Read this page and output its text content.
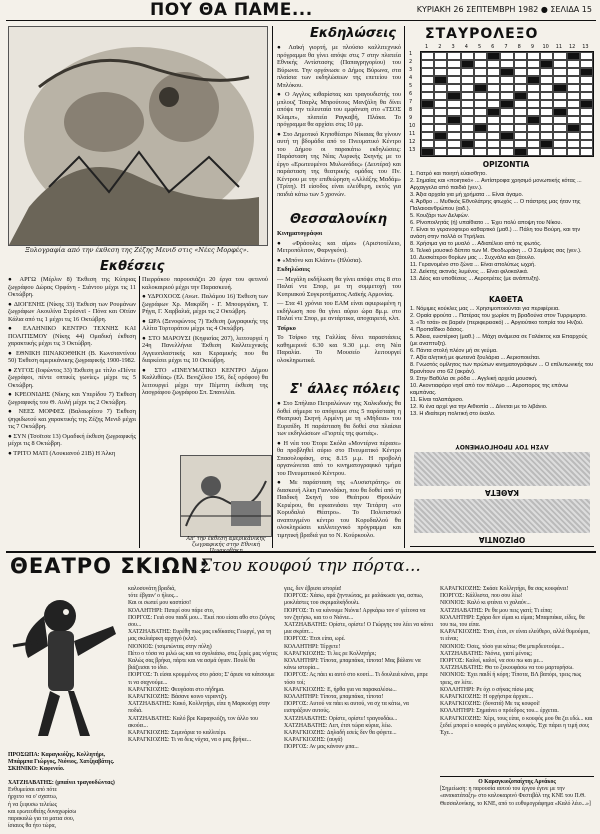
ΠΟΥ ΘΑ ΠΑΜΕ...	ΚΥΡΙΑΚΗ 26 ΣΕΠΤΕΜΒΡΗ 1982 ● ΣΕΛΙΔΑ 15
Ξυλογραφία από την έκθεση της Ζέζης Μενιδ στις «Νέες Μορφές».
Εκθέσεις

● ΑΡΓΩ (Μέρλιν 8) Έκθεση της Κύπριας ζωγράφου Δώρας Ορφάνη - Σιάντου μέχρι τις 11 Οκτώβρη.

● ΔΙΟΓΕΝΗΣ (Νίκης 33) Έκθεση των Ρουμάνων ζωγράφων Ακουλίνα Στρέσνεϊ - Πόνα και Οϊτίαν Κάλια από τις 1 μέχρι τις 16 Οκτώβρη.

● ΕΛΛΗΝΙΚΟ ΚΕΝΤΡΟ ΤΕΧΝΗΣ ΚΑΙ ΠΟΛΙΤΙΣΜΟΥ (Νίκης 44) Ομαδική έκθεση χαρακτικής μέχρι τις 3 Οκτώβρη.

● ΕΘΝΙΚΗ ΠΙΝΑΚΟΘΗΚΗ (Β. Κωνσταντίνου 50) Έκθεση αμερικάνικης ζωγραφικής 1900-1982.

● ΖΥΓΟΣ (Ιοφώντος 33) Έκθεση με τίτλο «Πέντε ζωγράφοι, πέντε οπτικές γωνίες» μέχρι τις 5 Οκτώβρη.

● ΚΡΕΟΝΙΔΗΣ (Νίκης και Υπερίδου 7) Έκθεση ζωγραφικής του Θ. Αυλή μέχρι τις 2 Οκτώβρη.

● ΝΕΕΣ ΜΟΡΦΕΣ (Βαλαωρίτου 7) Έκθεση ψηφιδωτού και χαρακτικής της Ζέζης Μενιδ μέχρι τις 7 Οκτώβρη.

● ΣΥΝ (Τσοϊτσα 13) Ομαδική έκθεση ζωγραφικής μέχρι τις 8 Οκτώβρη.

● ΤΡΙΤΟ ΜΑΤΙ (Λουκιανού 21Β) Η Άλκη

Πιερράκου παρουσιάζει 20 έργα του φετινού καλοκαιριού μέχρι την Παρασκευή.

● ΥΔΡΟΧΟΟΣ (Ανωτ. Παλάμου 16) Έκθεση των ζωγράφων Χρ. Μακρίδη - Γ. Μπουργιάκη, Τ. Ρήγα, Γ. Χαρβαλιά, μέχρι τις 2 Οκτώβρη.

● ΩΡΑ (Ξενοφώντος 7) Έκθεση ζωγραφικής της Αλίτα Τορτοράτου μέχρι τις 4 Οκτώβρη.

● ΣΤΟ ΜΑΡΟΥΣΙ (Κηφισίας 207), λειτουργεί η 24η Πανελλήνια Έκθεση Καλλιτεχνικής Αγγειοπλαστικής και Κεραμικής που θα διαρκέσει μέχρι τις 10 Οκτώβρη.

● ΣΤΟ «ΠΝΕΥΜΑΤΙΚΟ ΚΕΝΤΡΟ Δήμου Καλλιθέας» (Ελ. Βενιζέλου 156, δεξ ορόφου) θα λειτουργεί μέχρι την Πέμπτη έκθεση της λαογράφου ζωγράφου Σπ. Σπανελέα.

Απ' την έκθεση αμερικάνικης ζωγραφικής στην Εθνική Πινακοθήκη
Εκδηλώσεις

● Λαϊκή γιορτή, με πλούσιο καλλιτεχνικό πρόγραμμα θα γίνει απόψε στις 7 στην πλατεία Εθνικής Αντίστασης (Παπαγρηγορίου) του Βύρωνα. Την οργάνωσε ο Δήμος Βύρωνα, στα πλαίσια των εκδηλώσεων της επετείου του Μπλόκου.

● Ο Αγγλος κιθαρίστας και τραγουδιστής του μπλουζ Τσαρλς Μπρούτους Μανζάλη θα δίνει απόψε την τελευταία του εμφάνιση στο «ΤΣΟΣ Κλαμπ», πλατεία Ραγκαβή, Πλάκα. Το πρόγραμμα θα αρχίσει στις 10 μμ.

● Στο Δημοτικό Κηποθέατρο Νίκαιας θα γίνουν αυτή τη βδομάδα από το Πνευματικό Κέντρο του Δήμου οι παρακάτω εκδηλώσεις: Παράσταση της Νέας Λυρικής Σκηνής με το έργο «Ερωτευμένοι Μυλωνάδες» (Δευτέρα) και παράσταση της θεατρικής ομάδας του Πν. Κέντρου με την επιθεώρηση «Αλλάξης Μαδάμ» (Τρίτη). Η είσοδος είναι ελεύθερη, εκτός για παιδιά κάτω των 5 χρονών.

Θεσσαλονίκη

Κινηματογράφοι

● «Φράουλες και αίμα» (Αριστοτέλειο, Μετροπόλιτον, Φαρνγκόνι).

● «Μπόνυ και Κλάιντ» (Ηλύσια).

Εκδηλώσεις

— Μεγάλη εκδήλωση θα γίνει απόψε στις 8 στο Παλαί ντε Σπορ, με τη συμμετοχή του Κυπριακού Συγκροτήματος Λαϊκής Αρμονίας.

— Στα 41 χρόνια του ΕΑΜ είναι αφιερωμένη η εκδήλωση που θα γίνει αύριο ώρα 8μ.μ. στο Παλαί ντε Σπορ, με αντάρτικα, αποχαιρετά, κλπ.

Τσίρκο

Το Τσίρκο της Γαλλίας δίνει παραστάσεις καθημερινά 6.30 και 9.30 μ.μ. στη Νέα Παραλία. Το Μουσείο λειτουργεί ολοκληρωτικά.

Σ' άλλες πόλεις

● Στο Σπήλαιο Πετραλώνων της Χαλκιδικής θα δοθεί σήμερα το απόγευμα στις 5 παράσταση η Θεατρική Σκηνή Αρμένη με τη «Μήδεια» του Ευριπίδη. Η παράσταση θα δοθεί στα πλαίσια των εκδηλώσεων «Γιορτές της φωτιάς».

● Η νέα του Έτορε Σκόλα «Μοντέρνα πέρασε» θα προβληθεί αύριο στο Πνευματικό Κέντρο Σπασολοφάκη, στις 8.15 μ.μ. Η προβολή οργανώνεται από το κινηματογραφικό τμήμα του Πνευματικού Κέντρου.

● Με παράσταση της «Λυσιστράτης» σε διασκευή Αλκη Γιαννιδάκη, που θα δοθεί από τη Παιδική Σκηνή του Θεάτρου Θρουλών Κεριέρου, θα εγκαινιάσει την Τετάρτη «το Κορυδαλιό Θέατρο». Το Πολιτιστικό αναπτυγμένο κέντρο του Κορυδαλλού θα ολοκληρώσει καλλιτεχνικό πρόγραμμα και τιμητική βραδιά για το Ν. Κούρκουλο.

ΣΤΑΥΡΟΛΕΞΟ
1	2	3	4	5	6	7	8	9	10	11	12	13
1
2
3
4
5
6
7
8
9
10
11
12
13
ΟΡΙΖΟΝΤΙΑ
1. Γιατρό και ποιητή εύαισθητο.
2. Σημαίας και «ποιητικό» ... Αντίστροφα χρησιμό μονωπικής κότας ... Αρχαγγελα από παιδιά (γεν.).
3. Άξια αρχαία για μή χρήματα ... Είναι άγαμο.
4. Άρθρο ... Μυθικός Εθνολάτρης φτωχός ... Ο πάστρης μας ήταν της Παλαιοανθρώπου (αιδ.).
5. Κουζάρι των Δελφών.
6. Ρίνοποιλητάς (ή) υπαίθιατο ... Έχει πολύ αποψη του Νίκου.
7. Είναι το γερανοφτερο καθαρτικό (μαθ.) ... Πάλη του Βούρη, και την ανάση στην πολλά οι Ττρήλιαι.
8. Χρήσιμα για το μυαλό ... Αδιατέλειο από τις φωτός.
9. Τελικό μουσικό δέπιτο των Μ. Θεοδωράκη ... Ο Σαμίρας σας (γεν.).
10. Δυσκέτεροι θορίων μας ... Συχνάλα και ζάουλο.
11. Γερανομένο στο ζώνα ... Είναι απολύτως ωχρή.
12. Δείκτης ακτινάς λυμένος ... Είναι φιλοκαλικά.
13. Δέος και υποθέσεις ... Αεροτρέτες (με ανάπτυξη).
ΚΑΘΕΤΑ
1. Νόμιμες κούκλες μας ... Χρησιμοποιούνται για περιφέρεια.
2. Οραία φρούτα ... Πατέρας του χωρίσε τη βραδούνα στον Τυρριμορτο.
3. «Το τσάι» σε βαρείν (περιφερειακό) ... Αργιούτικο τοπρία του Ηνζού.
4. Προπαΐδικο δάσος.
5. Άδεια, ευιστέρικη (μαθ.) ... Μάχη ανάμεσα σε Γαλάκτος και Επαρχούς (με αναπτυξη).
6. Πάντα στολή πλέον μή σε γεύμα.
7. Αξία αλητική με φωτεινά ξουλάρια ... Αεριοποιείται.
8. Γνωστός ομίλητος των πρώτων κινηματογράφων ... Ο επίλυτωνικής του Βρανίτουν στο 62 (ακράν).
9. Στην Βαθύλα σε ρόδα ... Αγγλική αρχεία μουσική.
10. Ακοντιαφόρο νησί από τον πόλεμο ... Αεροπορος της επάνω καμπάνας.
11. Είναι ταλαπάρισο.
12. Κι ένα αρχέ για την Αιθιοπία ... Δίνεται με το λιβάνιο.
13. Η ιδιαίτερη πολιτική στο έκαλο.
ΟΡΙΖΟΝΤΙΑ
ΚΑΘΕΤΑ
ΛΥΣΗ ΤΟΥ ΠΡΟΗΓΟΥΜΕΝΟΥ
ΘΕΑΤΡΟ ΣΚΙΩΝ:
Στου κουφού την πόρτα...
ΠΡΟΣΩΠΑ: Καραγκιόζης, Κολλητήρι, Μπάρμπα Γιώργος, Νιόνιος, Χατζηαβάτης. ΣΚΗΝΙΚΟ: Καφενείο.

ΧΑΤΖΗΑΒΑΤΗΣ: (μπαίνει τραγουδώντας)

Ενθυμείσαι από πότε

ήρχετο να ο' σχαπτω,

ή να ξεφυσω τελείως

και ερωτευθείης δυναχωρίσω

παρακαλώ για τα ματια σου,

ίσιαιος θα ήτο τώρα,

καλοσυνάτη βραδιά,

τότε έβγαιν' ο ήλιος...

Και οι σωπεί μου κασπίσο!

ΚΟΛΛΗΤΗΡΙ: Πιπερί σου πάρε στο,

ΠΟΡΓΟΣ: Γειά σου παιδί μου... Έκεί που είσαι αθο στο ζεύγος σου...

ΧΑΤΖΗΑΒΑΤΗΣ: Ευρέθη πως μας εκδίκασες Γεωργέ, για τη μας σκιλιάρικη αρχηγό (κλπ).

ΝΙΟΝΙΟΣ: (τσιμπώντας στην πύλη)

Πέτο ο τόσα να μιλώ ως και να σχολιάσω, στις ξερές μας νύχτες

Καλώς σας βρήκα, πάρτε και να ασμά ύγιαν. Πουλί θα βιάζεισαι το ίδιο.

ΠΟΡΓΟΣ: Τι είσαι κρυμμένος στο ράσο; Σ' άρισε να κάτσουμε τι να σαχνούμε...

ΚΑΡΑΓΚΙΟΖΗΣ: Φευγάσαι στο πήδημα.

ΚΑΡΑΓΚΙΟΖΗΣ: Βάσανε κοινο νεραντζη.

ΧΑΤΖΗΑΒΑΤΗΣ: Κακό, Κολλητήρι, είπε η Μαρκούχη στην ποδιά.

ΧΑΤΖΗΑΒΑΤΗΣ: Καλό βρε Καραγκιόζη, τον άλλο του ακούει...

ΚΑΡΑΓΚΙΟΖΗΣ: Σεμινάρια το καλλιτέρι.

ΚΑΡΑΓΚΙΟΖΗΣ: Τι να δεις νύχτα, να ο μας βρήκε...

γεις, δεν έβρισα ιστορία!

ΠΟΡΓΟΣ: Χάσω, αρά ζηντυώτας, με μαλάκωσε για, ασπιω, μοκλάστες του σκριμαλκήδουλι.

ΠΟΡΓΟΣ: Τι να κάνουμε Νιόνιε! Αργκάρω τον ο' γείτονα να τον ζητήσω, και το ο Νιόνιε...

ΧΑΤΖΗΑΒΑΤΗΣ: Ορίστε, ορίστε! Ο Γιώργης του λέει να κάνει μια σκρίπτ...

ΠΟΡΓΟΣ: Έτσι είπα, ωρέ.

ΚΟΛΛΗΤΗΡΙ: Τέρχετε!

ΚΑΡΑΓΚΙΟΖΗΣ: Τι λες ρε Κολλητήρι;

ΚΟΛΛΗΤΗΡΙ: Τίποτα, μπαμπάκα, τίποτα! Μας βάλανε να κάνω ιστορία...

ΠΟΡΓΟΣ: Ας πάει κι αυτό στο κουτί... Τι δουλειά κάνει, μπρε τόσο τοί;

ΚΑΡΑΓΚΙΟΖΗΣ: Ε, ήρθα για να παρακαλέσω...

ΚΟΛΛΗΤΗΡΙ: Τίποτα, μπαμπάκα, τίποτα!

ΠΟΡΓΟΣ: Αυτού να πάει κι αυτού, να σχ τα κάτω, να εισπράξουν αυτούς.

ΧΑΤΖΗΑΒΑΤΗΣ: Ορίστε, ορίστε! τραγουδάω...

ΧΑΤΖΗΑΒΑΤΗΣ: Λεπ, έτσι τώρα κύρια, λέω.

ΚΑΡΑΓΚΙΟΖΗΣ: Δηλαδή εσείς δεν θα φύγετε...

ΚΑΡΑΓΚΙΟΖΗΣ: (αυγά)

ΠΟΡΓΟΣ: Αν μας κάνουν μπα...

ΚΑΡΑΓΚΙΟΖΗΣ: Σκάσε Κολλητήρι, θα σας κουφάνει!

ΠΟΡΓΟΣ: Κάλλιστα, που σου λέω!

ΝΙΟΝΙΟΣ: Καλό κι φτάνει νι χαλαύν...

ΧΑΤΖΗΑΒΑΤΗΣ: Ρε θα μου πεις γιατί; Τι είπα;

ΚΟΛΛΗΤΗΡΙ: Σχάρα δεν είμαι κι είμαι; Μπαμπάκα, είδες, θα του πω, του είπα.

ΚΑΡΑΓΚΙΟΖΗΣ: Έτσι, έτσι, εν είναι ελεύθερο, αλλά θυμούμαι, τι είναι;

ΝΙΟΝΙΟΣ: Όσες, τόσο για κάτω; Θα μπερδευτούμε...

ΧΑΤΖΗΑΒΑΤΗΣ: Νιόνιε, γιατί μένοις;

ΠΟΡΓΟΣ: Καλοί, καλοί, να σου πω και με...

ΧΑΤΖΗΑΒΑΤΗΣ: Θα το ξεκουφάσω να του μαρτυρήσω.

ΝΙΟΝΙΟΣ: Έχει παιδί ή κόρη; Τίποτα, ΒΛ βαπόρι, τρεις πως τρεις, αν λέτε.

ΚΟΛΛΗΤΗΡΙ: Ρε όχι ο σήκας πίσω μας

ΚΑΡΑΓΚΙΟΖΗΣ: Η ορχήστρα άρχισε...

ΚΑΡΑΓΚΙΟΖΗΣ: (δυνατά) Με τις κουφοί!

ΚΟΛΛΗΤΗΡΙ: Σημαίνει ο πρόεδρος του... έρχεται.

ΚΑΡΑΓΚΙΟΖΗΣ: Χέρι, τους είπα, ο κουφός μου θα ζει εδώ... και ξεδεί μπορεί ο κουφός ο μεγάλος κουφός. Έχε πάρει η τιμή σου; Έχε...

Ο Καραγκιοζοπαίχτης Αρνάκος
[Σημείωση: η παρουσία αυτού του έργου έγινε με την «ανακατάταξη» στο καλοκαιρινό Φεστιβάλ της ΚΝΕ του Π.Θ. Θεσσαλονίκης, το ΚΝΕ, από το ευθυμογράφημα «Καλό λέιο...»]
